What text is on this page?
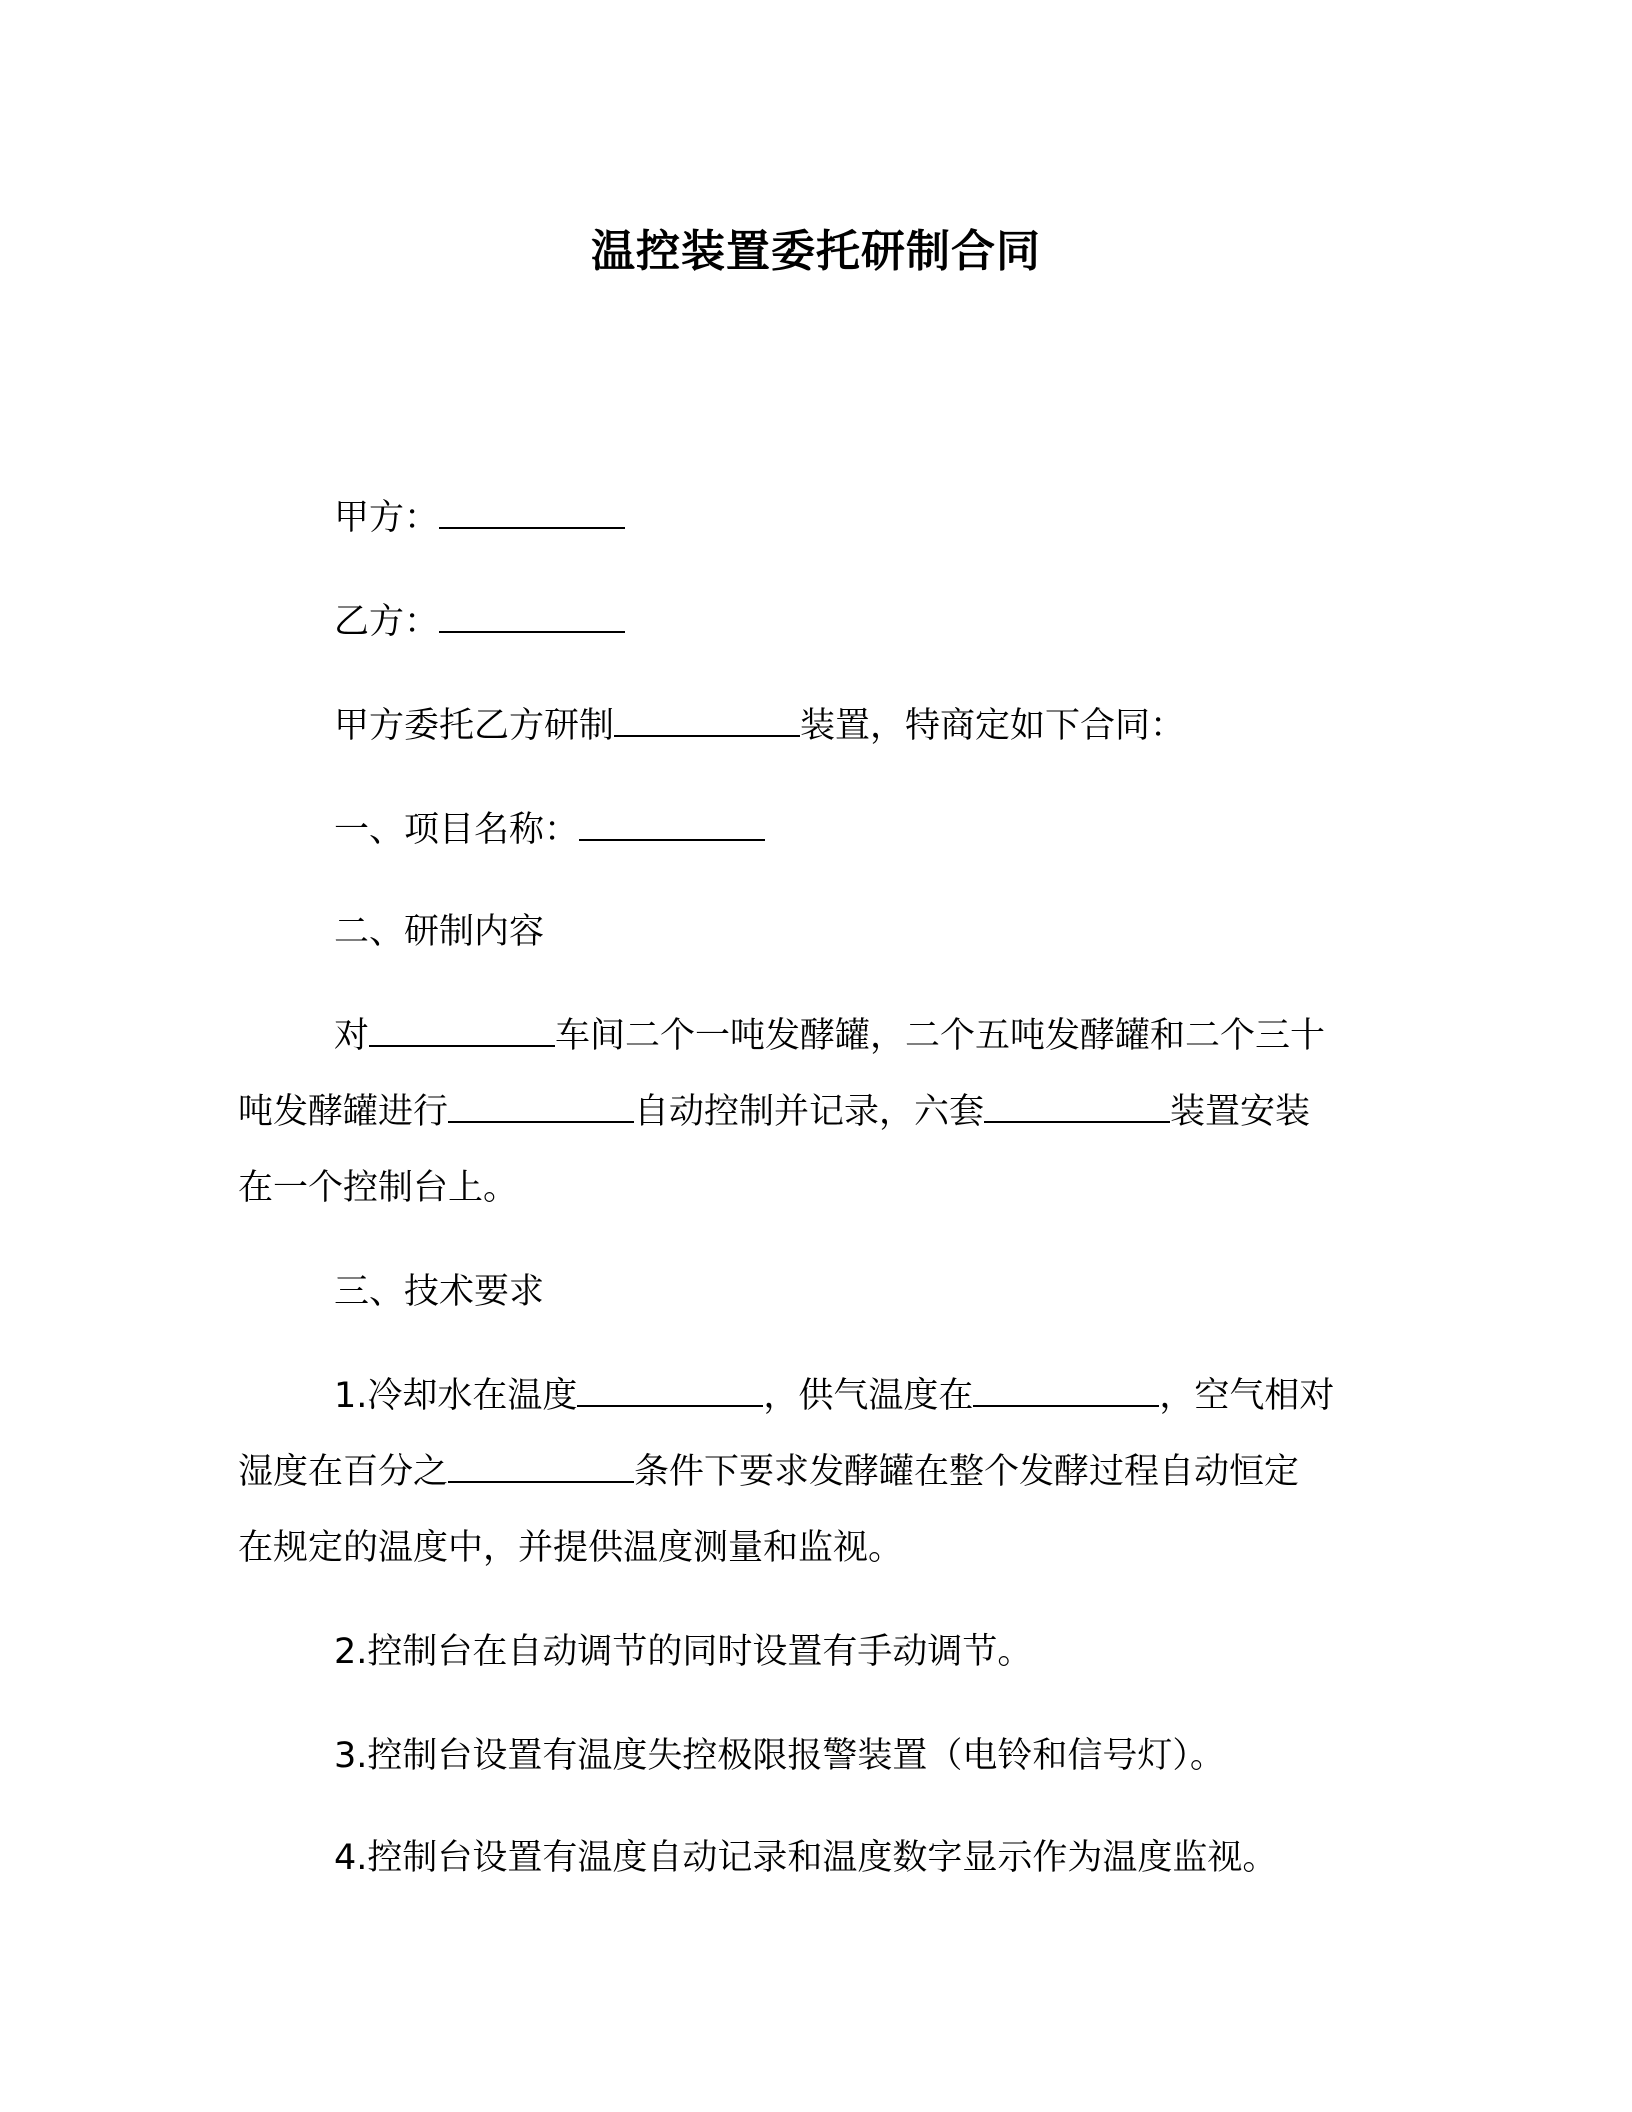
温控装置委托研制合同
甲方：
乙方：
甲方委托乙方研制	装置，特商定如下合同：
一、项目名称：
二、研制内容
对	车间二个一吨发酵罐，二个五吨发酵罐和二个三十
吨发酵罐进行	自动控制并记录，六套	装置安装
在一个控制台上。
三、技术要求
1.冷却水在温度	，供气温度在	，空气相对
湿度在百分之	条件下要求发酵罐在整个发酵过程自动恒定
在规定的温度中，并提供温度测量和监视。
2.控制台在自动调节的同时设置有手动调节。
3.控制台设置有温度失控极限报警装置（电铃和信号灯）。
4.控制台设置有温度自动记录和温度数字显示作为温度监视。
